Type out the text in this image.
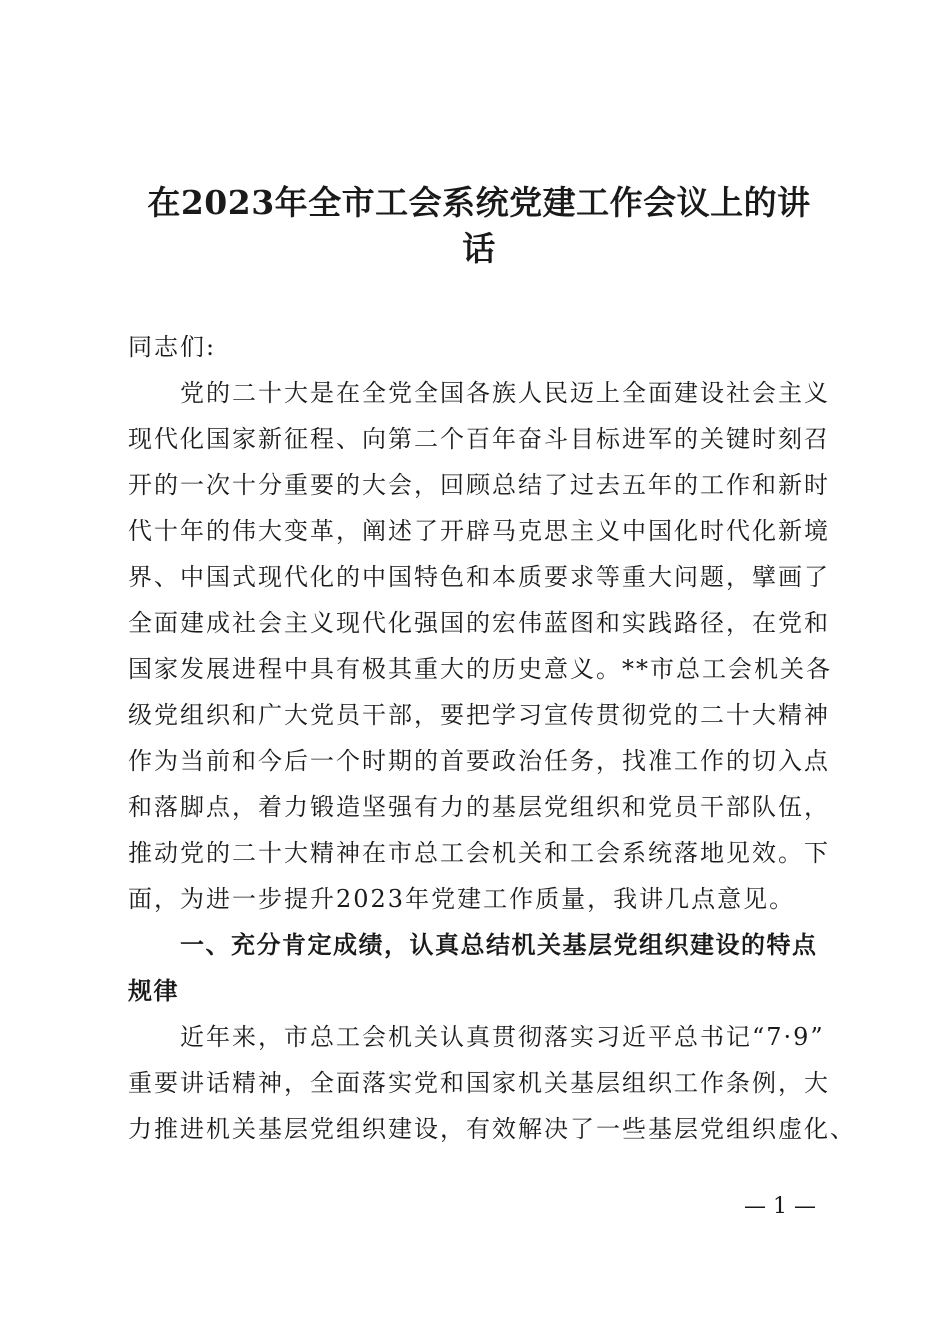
在2023年全市工会系统党建工作会议上的讲
话

同志们:

党的二十大是在全党全国各族人民迈上全面建设社会主义
现代化国家新征程、向第二个百年奋斗目标进军的关键时刻召
开的一次十分重要的大会，回顾总结了过去五年的工作和新时
代十年的伟大变革，阐述了开辟马克思主义中国化时代化新境
界、中国式现代化的中国特色和本质要求等重大问题，擘画了
全面建成社会主义现代化强国的宏伟蓝图和实践路径，在党和
国家发展进程中具有极其重大的历史意义。**市总工会机关各
级党组织和广大党员干部，要把学习宣传贯彻党的二十大精神
作为当前和今后一个时期的首要政治任务，找准工作的切入点
和落脚点，着力锻造坚强有力的基层党组织和党员干部队伍，
推动党的二十大精神在市总工会机关和工会系统落地见效。下
面，为进一步提升2023年党建工作质量，我讲几点意见。

一、充分肯定成绩，认真总结机关基层党组织建设的特点
规律

近年来，市总工会机关认真贯彻落实习近平总书记“7·9”
重要讲话精神，全面落实党和国家机关基层组织工作条例，大
力推进机关基层党组织建设，有效解决了一些基层党组织虚化、

— 1 —
